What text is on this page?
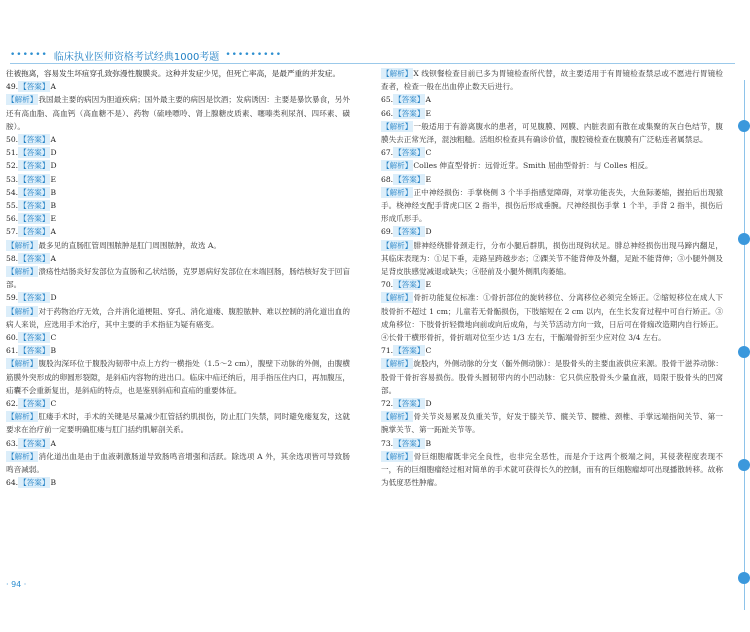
•••••• 临床执业医师资格考试经典1000考题 •••••••••

往被拖离，容易发生坏疽穿孔致弥漫性腹膜炎。这种并发症少见，但死亡率高，是最严重的并发症。

49.【答案】A

【解析】我国最主要的病因为胆道疾病；国外最主要的病因是饮酒；发病诱因：主要是暴饮暴食，另外还有高血脂、高血钙（高血糖不是）、药物（硫唑嘌呤、肾上腺糖皮质素、噻嗪类利尿剂、四环素、磺胺）。

50.【答案】A

51.【答案】D

52.【答案】D

53.【答案】E

54.【答案】B

55.【答案】B

56.【答案】E

57.【答案】A

【解析】最多见的直肠肛管周围脓肿是肛门周围脓肿，故选 A。

58.【答案】A

【解析】溃疡性结肠炎好发部位为直肠和乙状结肠，克罗恩病好发部位在末端回肠，肠结核好发于回盲部。

59.【答案】D

【解析】对于药物治疗无效，合并消化道梗阻、穿孔、消化道瘘、腹腔脓肿、难以控制的消化道出血的病人来说，应选用手术治疗，其中主要的手术指征为疑有癌变。

60.【答案】C

61.【答案】B

【解析】腹股沟深环位于腹股沟韧带中点上方约一横指处（1.5～2 cm），腹壁下动脉的外侧，由腹横筋膜外突形成的卵圆形裂隙，是斜疝内容物的进出口。临床中疝还纳后，用手指压住内口，再加腹压，疝囊不会重新复出，是斜疝的特点，也是鉴别斜疝和直疝的重要体征。

62.【答案】C

【解析】肛瘘手术时，手术的关键是尽量减少肛管括约肌损伤，防止肛门失禁，同时避免瘘复发，这就要求在治疗前一定要明确肛瘘与肛门括约肌解剖关系。

63.【答案】A

【解析】消化道出血是由于血液刺激肠道导致肠鸣音增强和活跃。除选项 A 外，其余选项皆可导致肠鸣音减弱。

64.【答案】B

【解析】X 线钡餐检查目前已多为胃镜检查所代替，故主要适用于有胃镜检查禁忌或不愿进行胃镜检查者，检查一般在出血停止数天后进行。

65.【答案】A

66.【答案】E

【解析】一般适用于有游离腹水的患者，可见腹膜、网膜、内脏表面有散在或集聚的灰白色结节，腹膜失去正常光泽，混浊粗糙。活组织检查具有确诊价值，腹腔镜检查在腹膜有广泛粘连者属禁忌。

67.【答案】C

【解析】Colles 伸直型骨折：远骨近芽。Smith 屈曲型骨折：与 Colles 相反。

68.【答案】E

【解析】正中神经损伤：手掌桡侧 3 个半手指感觉障碍，对掌功能丧失，大鱼际萎缩，握拍后出现猿手。桡神经支配手背虎口区 2 指半，损伤后形成垂腕。尺神经损伤手掌 1 个半，手背 2 指半，损伤后形成爪形手。

69.【答案】D

【解析】腓神经绕腓骨颈走行，分布小腿后群肌，损伤出现钩状足。腓总神经损伤出现马蹄内翻足，其临床表现为：①足下垂，走路呈跨越步态；②踝关节不能背伸及外翻，足趾不能背伸；③小腿外侧及足背皮肤感觉减退或缺失；④胫前及小腿外侧肌肉萎缩。

70.【答案】E

【解析】骨折功能复位标准：①骨折部位的旋转移位、分离移位必须完全矫正。②缩短移位在成人下肢骨折不超过 1 cm；儿童若无骨骺损伤，下肢缩短在 2 cm 以内，在生长发育过程中可自行矫正。③成角移位：下肢骨折轻微地向前或向后成角，与关节活动方向一致，日后可在骨痂改造期内自行矫正。④长骨干横形骨折，骨折端对位至少达 1/3 左右，干骺端骨折至少应对位 3/4 左右。

71.【答案】C

【解析】旋股内，外侧动脉的分支（骺外侧动脉）：是股骨头的主要血液供应来源。股骨干滋养动脉：股骨干骨折容易损伤。股骨头圆韧带内的小凹动脉：它只供应股骨头少量血液，局限于股骨头的凹窝部。

72.【答案】D

【解析】骨关节炎易累及负重关节，好发于膝关节、髋关节、腰椎、颈椎、手掌远端指间关节、第一腕掌关节、第一跖趾关节等。

73.【答案】B

【解析】骨巨细胞瘤既非完全良性，也非完全恶性，而是介于这两个极端之间，其侵袭程度表现不一，有的巨细胞瘤经过相对简单的手术就可获得长久的控制，而有的巨细胞瘤却可出现播散转移。故称为低度恶性肿瘤。

· 94 ·
